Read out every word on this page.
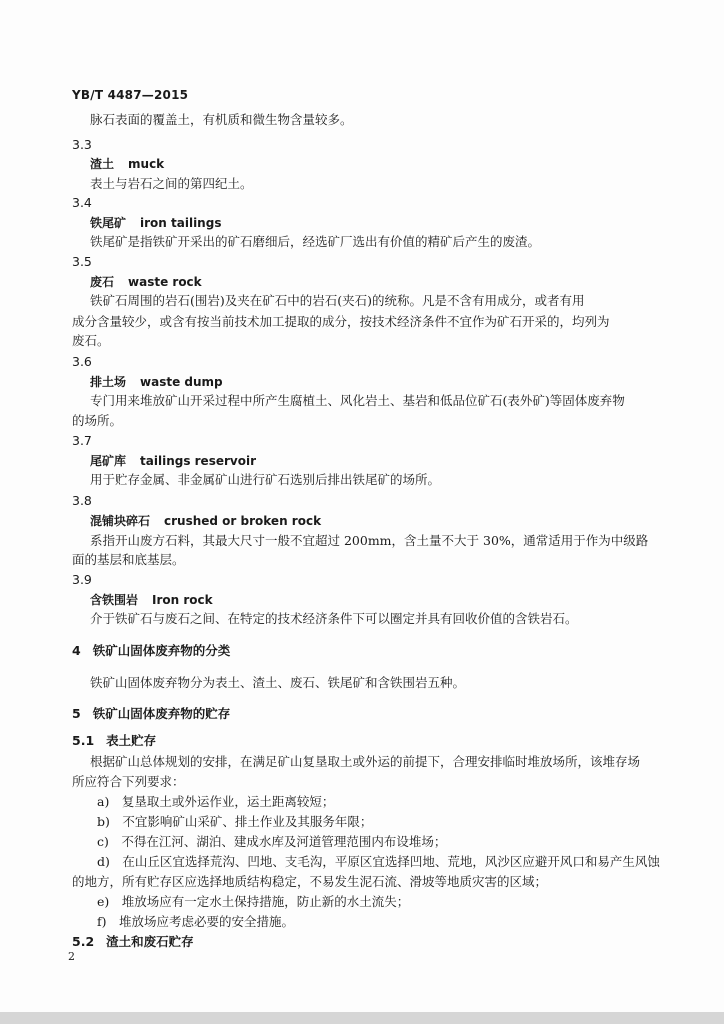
YB/T 4487—2015
脉石表面的覆盖土，有机质和微生物含量较多。
3.3
渣土 muck
表土与岩石之间的第四纪土。
3.4
铁尾矿 iron tailings
铁尾矿是指铁矿开采出的矿石磨细后，经选矿厂选出有价值的精矿后产生的废渣。
3.5
废石 waste rock
铁矿石周围的岩石(围岩)及夹在矿石中的岩石(夹石)的统称。凡是不含有用成分，或者有用
成分含量较少，或含有按当前技术加工提取的成分，按技术经济条件不宜作为矿石开采的，均列为
废石。
3.6
排土场 waste dump
专门用来堆放矿山开采过程中所产生腐植土、风化岩土、基岩和低品位矿石(表外矿)等固体废弃物
的场所。
3.7
尾矿库 tailings reservoir
用于贮存金属、非金属矿山进行矿石选别后排出铁尾矿的场所。
3.8
混铺块碎石 crushed or broken rock
系指开山废方石料，其最大尺寸一般不宜超过 200mm，含土量不大于 30%，通常适用于作为中级路
面的基层和底基层。
3.9
含铁围岩 Iron rock
介于铁矿石与废石之间、在特定的技术经济条件下可以圈定并具有回收价值的含铁岩石。
4 铁矿山固体废弃物的分类
铁矿山固体废弃物分为表土、渣土、废石、铁尾矿和含铁围岩五种。
5 铁矿山固体废弃物的贮存
5.1 表土贮存
根据矿山总体规划的安排，在满足矿山复垦取土或外运的前提下，合理安排临时堆放场所，该堆存场
所应符合下列要求：
a)　复垦取土或外运作业，运土距离较短；
b)　不宜影响矿山采矿、排土作业及其服务年限；
c)　不得在江河、湖泊、建成水库及河道管理范围内布设堆场；
d)　在山丘区宜选择荒沟、凹地、支毛沟，平原区宜选择凹地、荒地，风沙区应避开风口和易产生风蚀
的地方，所有贮存区应选择地质结构稳定，不易发生泥石流、滑坡等地质灾害的区域；
e)　堆放场应有一定水土保持措施，防止新的水土流失；
f)　堆放场应考虑必要的安全措施。
5.2 渣土和废石贮存
2
